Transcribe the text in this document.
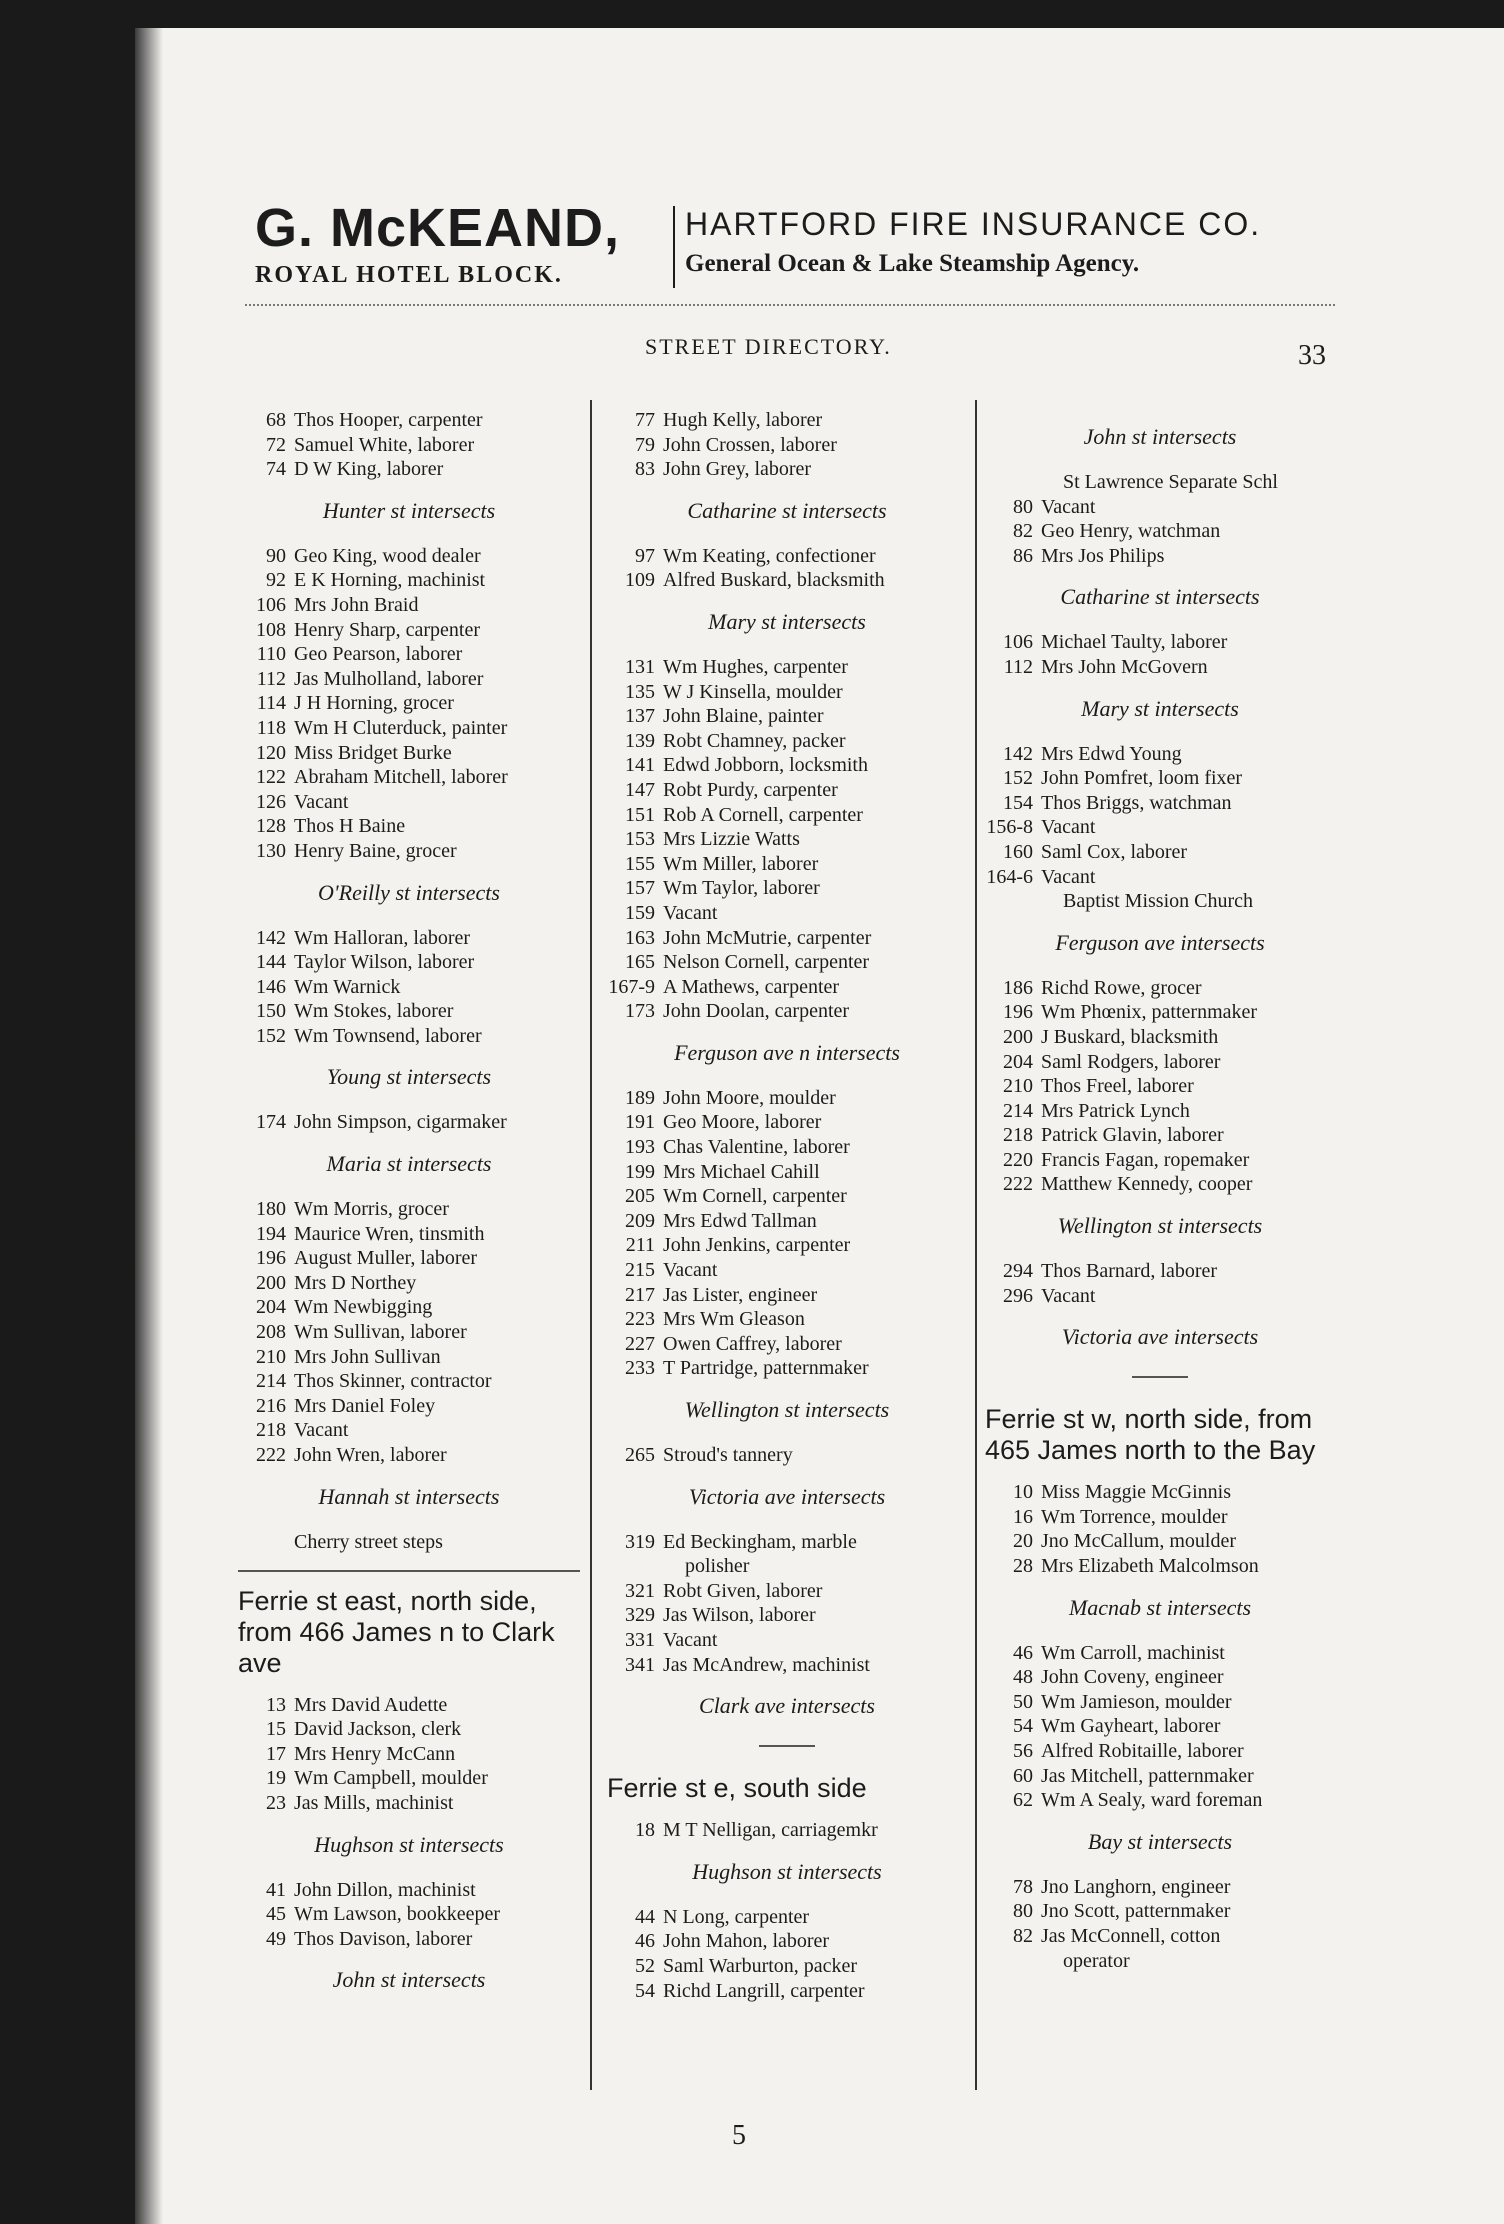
G. McKEAND,
ROYAL HOTEL BLOCK.
HARTFORD FIRE INSURANCE CO.
General Ocean & Lake Steamship Agency.
STREET DIRECTORY.	33
68 Thos Hooper, carpenter
72 Samuel White, laborer
74 D W King, laborer
Hunter st intersects
90 Geo King, wood dealer
92 E K Horning, machinist
106 Mrs John Braid
108 Henry Sharp, carpenter
110 Geo Pearson, laborer
112 Jas Mulholland, laborer
114 J H Horning, grocer
118 Wm H Cluterduck, painter
120 Miss Bridget Burke
122 Abraham Mitchell, laborer
126 Vacant
128 Thos H Baine
130 Henry Baine, grocer
O'Reilly st intersects
142 Wm Halloran, laborer
144 Taylor Wilson, laborer
146 Wm Warnick
150 Wm Stokes, laborer
152 Wm Townsend, laborer
Young st intersects
174 John Simpson, cigarmaker
Maria st intersects
180 Wm Morris, grocer
194 Maurice Wren, tinsmith
196 August Muller, laborer
200 Mrs D Northey
204 Wm Newbigging
208 Wm Sullivan, laborer
210 Mrs John Sullivan
214 Thos Skinner, contractor
216 Mrs Daniel Foley
218 Vacant
222 John Wren, laborer
Hannah st intersects
Cherry street steps
Ferrie st east, north side, from 466 James n to Clark ave
13 Mrs David Audette
15 David Jackson, clerk
17 Mrs Henry McCann
19 Wm Campbell, moulder
23 Jas Mills, machinist
Hughson st intersects
41 John Dillon, machinist
45 Wm Lawson, bookkeeper
49 Thos Davison, laborer
John st intersects
77 Hugh Kelly, laborer
79 John Crossen, laborer
83 John Grey, laborer
Catharine st intersects
97 Wm Keating, confectioner
109 Alfred Buskard, blacksmith
Mary st intersects
131 Wm Hughes, carpenter
135 W J Kinsella, moulder
137 John Blaine, painter
139 Robt Chamney, packer
141 Edwd Jobborn, locksmith
147 Robt Purdy, carpenter
151 Rob A Cornell, carpenter
153 Mrs Lizzie Watts
155 Wm Miller, laborer
157 Wm Taylor, laborer
159 Vacant
163 John McMutrie, carpenter
165 Nelson Cornell, carpenter
167-9 A Mathews, carpenter
173 John Doolan, carpenter
Ferguson ave n intersects
189 John Moore, moulder
191 Geo Moore, laborer
193 Chas Valentine, laborer
199 Mrs Michael Cahill
205 Wm Cornell, carpenter
209 Mrs Edwd Tallman
211 John Jenkins, carpenter
215 Vacant
217 Jas Lister, engineer
223 Mrs Wm Gleason
227 Owen Caffrey, laborer
233 T Partridge, patternmaker
Wellington st intersects
265 Stroud's tannery
Victoria ave intersects
319 Ed Beckingham, marble
polisher
321 Robt Given, laborer
329 Jas Wilson, laborer
331 Vacant
341 Jas McAndrew, machinist
Clark ave intersects
Ferrie st e, south side
18 M T Nelligan, carriagemkr
Hughson st intersects
44 N Long, carpenter
46 John Mahon, laborer
52 Saml Warburton, packer
54 Richd Langrill, carpenter
John st intersects
St Lawrence Separate Schl
80 Vacant
82 Geo Henry, watchman
86 Mrs Jos Philips
Catharine st intersects
106 Michael Taulty, laborer
112 Mrs John McGovern
Mary st intersects
142 Mrs Edwd Young
152 John Pomfret, loom fixer
154 Thos Briggs, watchman
156-8 Vacant
160 Saml Cox, laborer
164-6 Vacant
Baptist Mission Church
Ferguson ave intersects
186 Richd Rowe, grocer
196 Wm Phœnix, patternmaker
200 J Buskard, blacksmith
204 Saml Rodgers, laborer
210 Thos Freel, laborer
214 Mrs Patrick Lynch
218 Patrick Glavin, laborer
220 Francis Fagan, ropemaker
222 Matthew Kennedy, cooper
Wellington st intersects
294 Thos Barnard, laborer
296 Vacant
Victoria ave intersects
Ferrie st w, north side, from 465 James north to the Bay
10 Miss Maggie McGinnis
16 Wm Torrence, moulder
20 Jno McCallum, moulder
28 Mrs Elizabeth Malcolmson
Macnab st intersects
46 Wm Carroll, machinist
48 John Coveny, engineer
50 Wm Jamieson, moulder
54 Wm Gayheart, laborer
56 Alfred Robitaille, laborer
60 Jas Mitchell, patternmaker
62 Wm A Sealy, ward foreman
Bay st intersects
78 Jno Langhorn, engineer
80 Jno Scott, patternmaker
82 Jas McConnell, cotton
operator
5
